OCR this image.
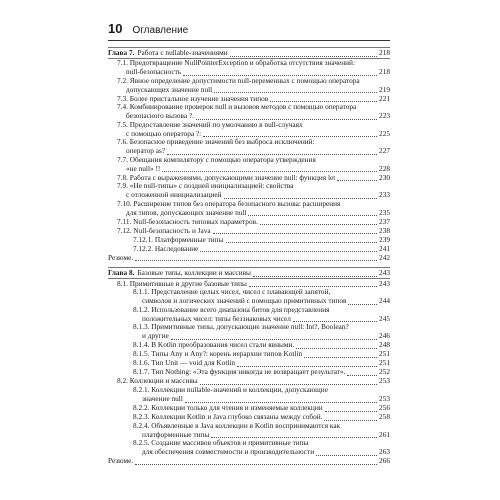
10 Оглавление
Глава 7. Работа с nullable-значениями	218
7.1. Предотвращение NullPointerException и обработка отсутствия значений:
null-безопасность	218
7.2. Явное определение допустимости null-переменных с помощью оператора
допускающих значение null	219
7.3. Более пристальное изучение значения типов	221
7.4. Комбинирование проверок null и вызовов методов с помощью оператора
безопасного вызова ?.	223
7.5. Предоставление значений по умолчанию в null-случаях
с помощью оператора ?:	225
7.6. Безопасное приведение значений без выброса исключений:
оператор as?	227
7.7. Обещания компилятору с помощью оператора утверждения
«не null» !!	228
7.8. Работа с выражениями, допускающими значение null: функция let	230
7.9. «Не null-типы» с поздней инициализацией: свойства
с отложенной инициализацией	233
7.10. Расширение типов без оператора безопасного вызова: расширения
для типов, допускающих значение null	235
7.11. Null-безопасность типовых параметров.	237
7.12. Null-безопасность и Java	238
7.12.1. Платформенные типы	239
7.12.2. Наследование	241
Резюме.	242
Глава 8. Базовые типы, коллекции и массивы	243
8.1. Примитивные и другие базовые типы	243
8.1.1. Представление целых чисел, чисел с плавающей запятой,
символов и логических значений с помощью примитивных типов	244
8.1.2. Использование всего диапазона битов для представления
положительных чисел: типы беззнаковых чисел	245
8.1.3. Примитивные типы, допускающие значение null: Int?, Boolean?
и другие	246
8.1.4. В Kotlin преобразования чисел стали явными.	248
8.1.5. Типы Any и Any?: корень иерархии типов Kotlin	251
8.1.6. Тип Unit — void для Kotlin	251
8.1.7. Тип Nothing: «Эта функция никогда не возвращает результат».	252
8.2. Коллекции и массивы	253
8.2.1. Коллекции nullable-значений и коллекции, допускающие
значение null	253
8.2.2. Коллекции только для чтения и изменяемые коллекции	256
8.2.3. Коллекции Kotlin и Java глубоко связаны между собой.	258
8.2.4. Объявленные в Java коллекции в Kotlin воспринимаются как
платформенные типы	261
8.2.5. Создание массивов объектов и примитивные типы
для обеспечения совместимости и производительности	263
Резюме.	266
